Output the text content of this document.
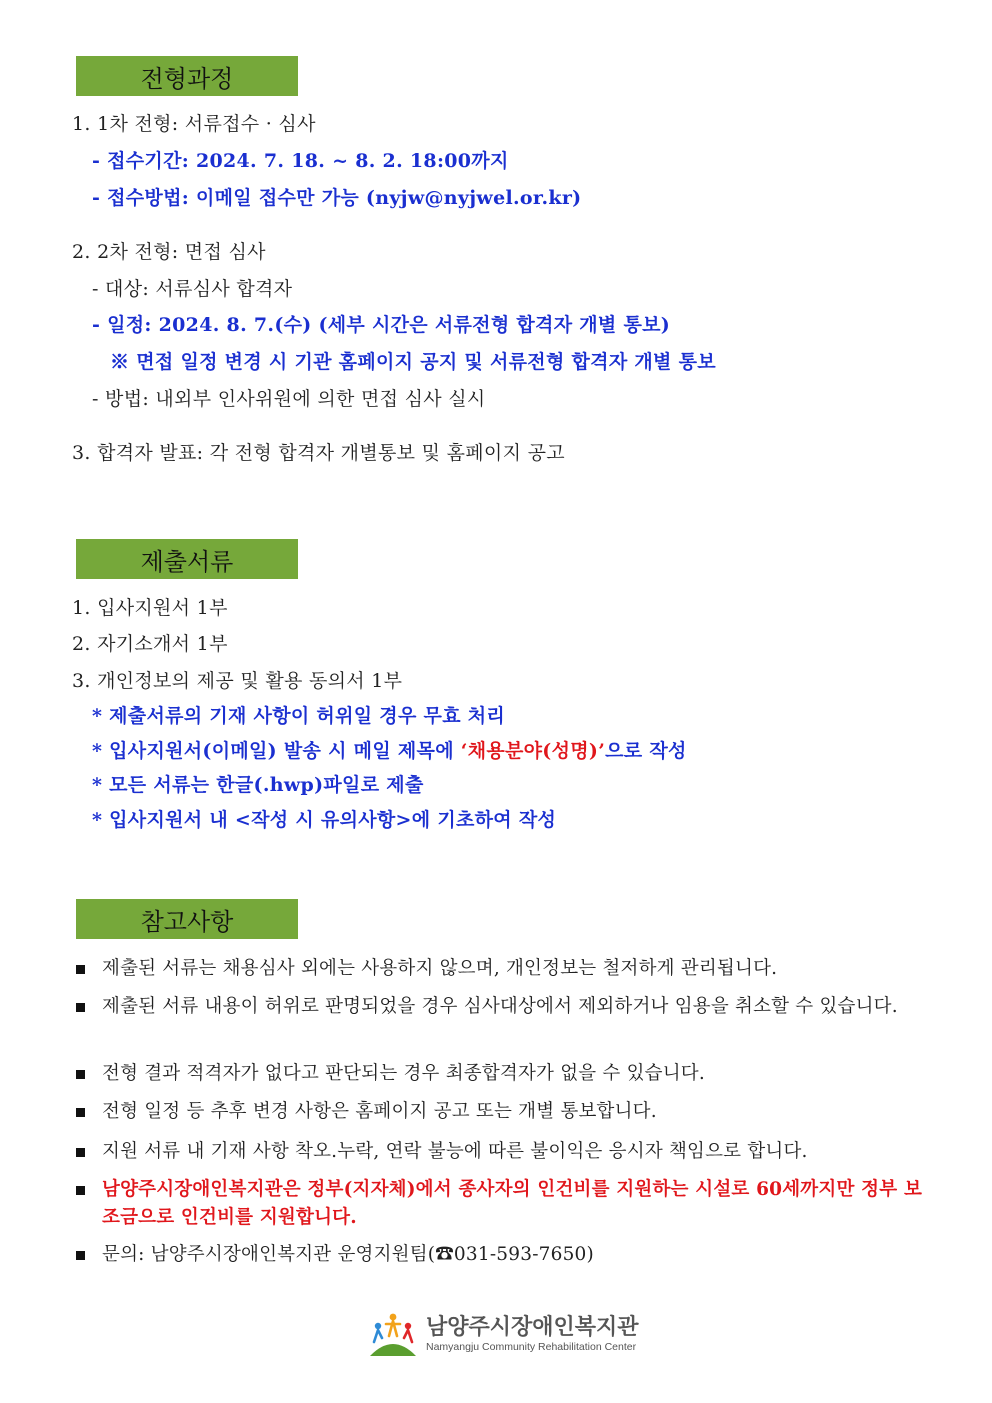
전형과정
1. 1차 전형: 서류접수 · 심사
- 접수기간: 2024. 7. 18. ~ 8. 2. 18:00까지
- 접수방법: 이메일 접수만 가능 (nyjw@nyjwel.or.kr)
2. 2차 전형: 면접 심사
- 대상: 서류심사 합격자
- 일정: 2024. 8. 7.(수) (세부 시간은 서류전형 합격자 개별 통보)
※ 면접 일정 변경 시 기관 홈페이지 공지 및 서류전형 합격자 개별 통보
- 방법: 내외부 인사위원에 의한 면접 심사 실시
3. 합격자 발표: 각 전형 합격자 개별통보 및 홈페이지 공고
제출서류
1. 입사지원서 1부
2. 자기소개서 1부
3. 개인정보의 제공 및 활용 동의서 1부
* 제출서류의 기재 사항이 허위일 경우 무효 처리
* 입사지원서(이메일) 발송 시 메일 제목에 ‘채용분야(성명)’으로 작성
* 모든 서류는 한글(.hwp)파일로 제출
* 입사지원서 내 <작성 시 유의사항>에 기초하여 작성
참고사항
제출된 서류는 채용심사 외에는 사용하지 않으며, 개인정보는 철저하게 관리됩니다.
제출된 서류 내용이 허위로 판명되었을 경우 심사대상에서 제외하거나 임용을 취소할 수 있습니다.
전형 결과 적격자가 없다고 판단되는 경우 최종합격자가 없을 수 있습니다.
전형 일정 등 추후 변경 사항은 홈페이지 공고 또는 개별 통보합니다.
지원 서류 내 기재 사항 착오.누락, 연락 불능에 따른 불이익은 응시자 책임으로 합니다.
남양주시장애인복지관은 정부(지자체)에서 종사자의 인건비를 지원하는 시설로 60세까지만 정부 보조금으로 인건비를 지원합니다.
문의: 남양주시장애인복지관 운영지원팀(☎031-593-7650)
남양주시장애인복지관
Namyangju Community Rehabilitation Center
